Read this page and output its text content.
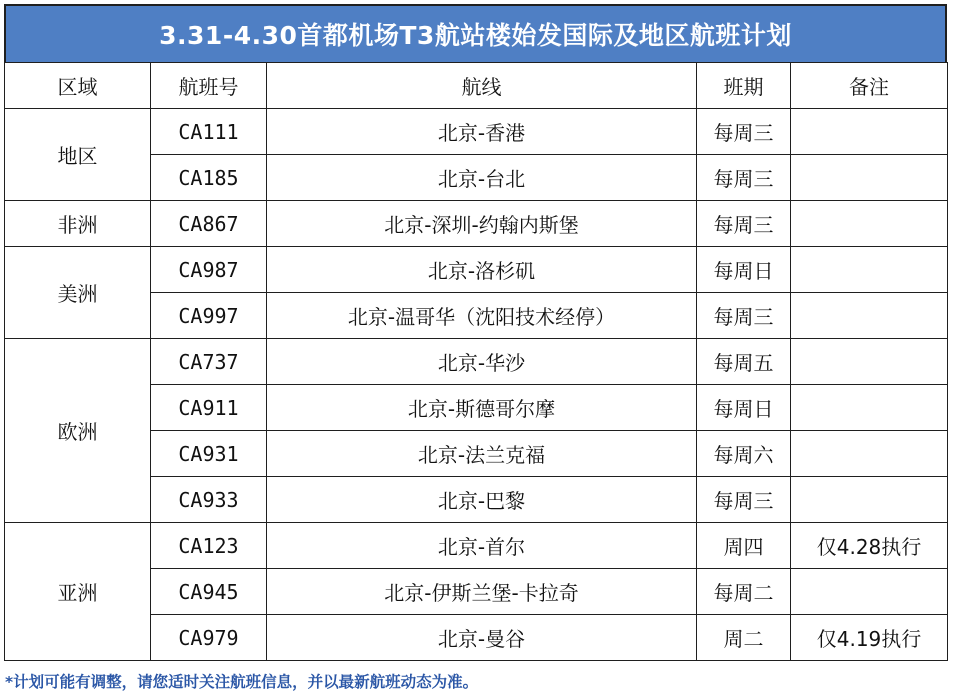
3.31-4.30首都机场T3航站楼始发国际及地区航班计划
区域	航班号	航线	班期	备注
地区	CA111	北京-香港	每周三	
	CA185	北京-台北	每周三	
非洲	CA867	北京-深圳-约翰内斯堡	每周三	
美洲	CA987	北京-洛杉矶	每周日	
	CA997	北京-温哥华（沈阳技术经停）	每周三	
欧洲	CA737	北京-华沙	每周五	
	CA911	北京-斯德哥尔摩	每周日	
	CA931	北京-法兰克福	每周六	
	CA933	北京-巴黎	每周三	
亚洲	CA123	北京-首尔	周四	仅4.28执行
	CA945	北京-伊斯兰堡-卡拉奇	每周二	
	CA979	北京-曼谷	周二	仅4.19执行
*计划可能有调整，请您适时关注航班信息，并以最新航班动态为准。
